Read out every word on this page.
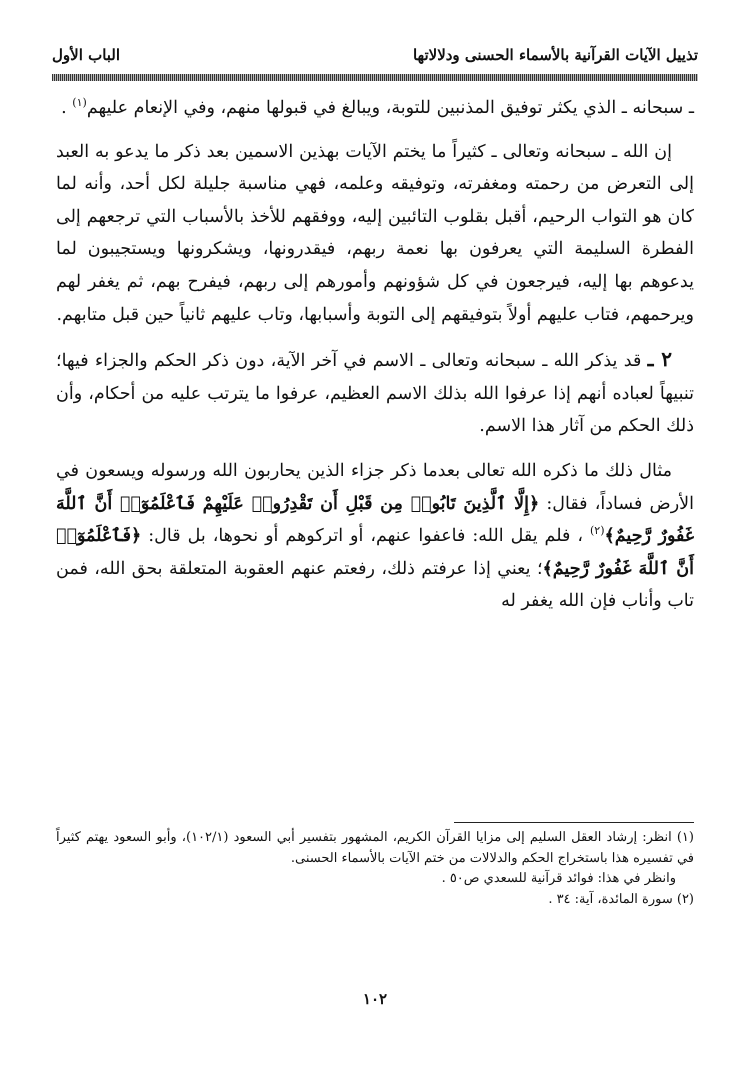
تذييل الآيات القرآنية بالأسماء الحسنى ودلالاتها
الباب الأول

ـ سبحانه ـ الذي يكثر توفيق المذنبين للتوبة، ويبالغ في قبولها منهم، وفي الإنعام عليهم$^{(١)}$ .

إن الله ـ سبحانه وتعالى ـ كثيراً ما يختم الآيات بهذين الاسمين بعد ذكر ما يدعو به العبد إلى التعرض من رحمته ومغفرته، وتوفيقه وعلمه، فهي مناسبة جليلة لكل أحد، وأنه لما كان هو التواب الرحيم، أقبل بقلوب التائبين إليه، ووفقهم للأخذ بالأسباب التي ترجعهم إلى الفطرة السليمة التي يعرفون بها نعمة ربهم، فيقدرونها، ويشكرونها ويستجيبون لما يدعوهم بها إليه، فيرجعون في كل شؤونهم وأمورهم إلى ربهم، فيفرح بهم، ثم يغفر لهم ويرحمهم، فتاب عليهم أولاً بتوفيقهم إلى التوبة وأسبابها، وتاب عليهم ثانياً حين قبل متابهم.

٢ ـ قد يذكر الله ـ سبحانه وتعالى ـ الاسم في آخر الآية، دون ذكر الحكم والجزاء فيها؛ تنبيهاً لعباده أنهم إذا عرفوا الله بذلك الاسم العظيم، عرفوا ما يترتب عليه من أحكام، وأن ذلك الحكم من آثار هذا الاسم.

مثال ذلك ما ذكره الله تعالى بعدما ذكر جزاء الذين يحاربون الله ورسوله ويسعون في الأرض فساداً، فقال: ﴿إِلَّا ٱلَّذِينَ تَابُوا۟ مِن قَبْلِ أَن تَقْدِرُوا۟ عَلَيْهِمْ فَٱعْلَمُوٓا۟ أَنَّ ٱللَّهَ غَفُورٌ رَّحِيمٌ﴾$^{(٢)}$ ، فلم يقل الله: فاعفوا عنهم، أو اتركوهم أو نحوها، بل قال: ﴿فَٱعْلَمُوٓا۟ أَنَّ ٱللَّهَ غَفُورٌ رَّحِيمٌ﴾؛ يعني إذا عرفتم ذلك، رفعتم عنهم العقوبة المتعلقة بحق الله، فمن تاب وأناب فإن الله يغفر له

(١) انظر: إرشاد العقل السليم إلى مزايا القرآن الكريم، المشهور بتفسير أبي السعود (١٠٢/١)، وأبو السعود يهتم كثيراً في تفسيره هذا باستخراج الحكم والدلالات من ختم الآيات بالأسماء الحسنى.

وانظر في هذا: فوائد قرآنية للسعدي ص٥٠ .

(٢) سورة المائدة، آية: ٣٤ .

١٠٢
